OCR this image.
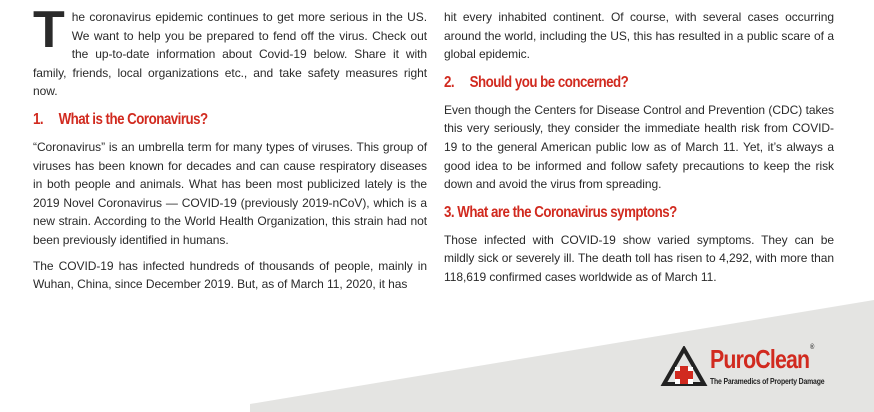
The coronavirus epidemic continues to get more serious in the US. We want to help you be prepared to fend off the virus. Check out the up-to-date information about Covid-19 below. Share it with family, friends, local organizations etc., and take safety measures right now.

1. What is the Coronavirus?

“Coronavirus” is an umbrella term for many types of viruses. This group of viruses has been known for decades and can cause respiratory diseases in both people and animals. What has been most publicized lately is the 2019 Novel Coronavirus — COVID-19 (previously 2019-nCoV), which is a new strain. According to the World Health Organization, this strain had not been previously identified in humans.

The COVID-19 has infected hundreds of thousands of people, mainly in Wuhan, China, since December 2019. But, as of March 11, 2020, it has

hit every inhabited continent. Of course, with several cases occurring around the world, including the US, this has resulted in a public scare of a global epidemic.

2. Should you be concerned?

Even though the Centers for Disease Control and Prevention (CDC) takes this very seriously, they consider the immediate health risk from COVID-19 to the general American public low as of March 11. Yet, it’s always a good idea to be informed and follow safety precautions to keep the risk down and avoid the virus from spreading.

3. What are the Coronavirus symptons?

Those infected with COVID-19 show varied symptoms. They can be mildly sick or severely ill. The death toll has risen to 4,292, with more than 118,619 confirmed cases worldwide as of March 11.

PuroClean®
The Paramedics of Property Damage
